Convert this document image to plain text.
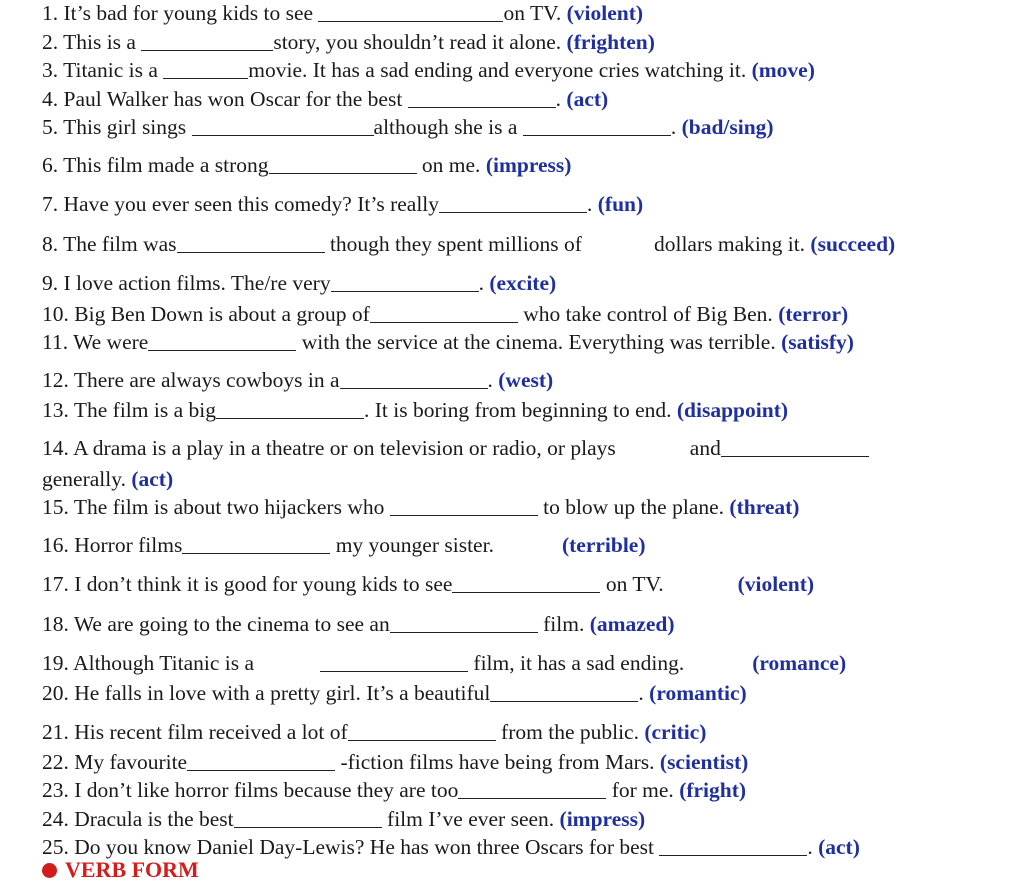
1. It’s bad for young kids to see	on TV. (violent)
2. This is a	story, you shouldn’t read it alone. (frighten)
3. Titanic is a	movie. It has a sad ending and everyone cries watching it. (move)
4. Paul Walker has won Oscar for the best	. (act)
5. This girl sings	although she is a	. (bad/sing)
6. This film made a strong	on me. (impress)
7. Have you ever seen this comedy? It’s really	. (fun)
8. The film was	though they spent millions of	dollars making it. (succeed)
9. I love action films. The/re very	. (excite)
10. Big Ben Down is about a group of	who take control of Big Ben. (terror)
11. We were	with the service at the cinema. Everything was terrible. (satisfy)
12. There are always cowboys in a	. (west)
13. The film is a big	. It is boring from beginning to end. (disappoint)
14. A drama is a play in a theatre or on television or radio, or plays	and
generally. (act)
15. The film is about two hijackers who	to blow up the plane. (threat)
16. Horror films	my younger sister.	(terrible)
17. I don’t think it is good for young kids to see	on TV.	(violent)
18. We are going to the cinema to see an	film. (amazed)
19. Although Titanic is a	film, it has a sad ending.	(romance)
20. He falls in love with a pretty girl. It’s a beautiful	. (romantic)
21. His recent film received a lot of	from the public. (critic)
22. My favourite	-fiction films have being from Mars. (scientist)
23. I don’t like horror films because they are too	for me. (fright)
24. Dracula is the best	film I’ve ever seen. (impress)
25. Do you know Daniel Day-Lewis? He has won three Oscars for best	. (act)
VERB FORM
